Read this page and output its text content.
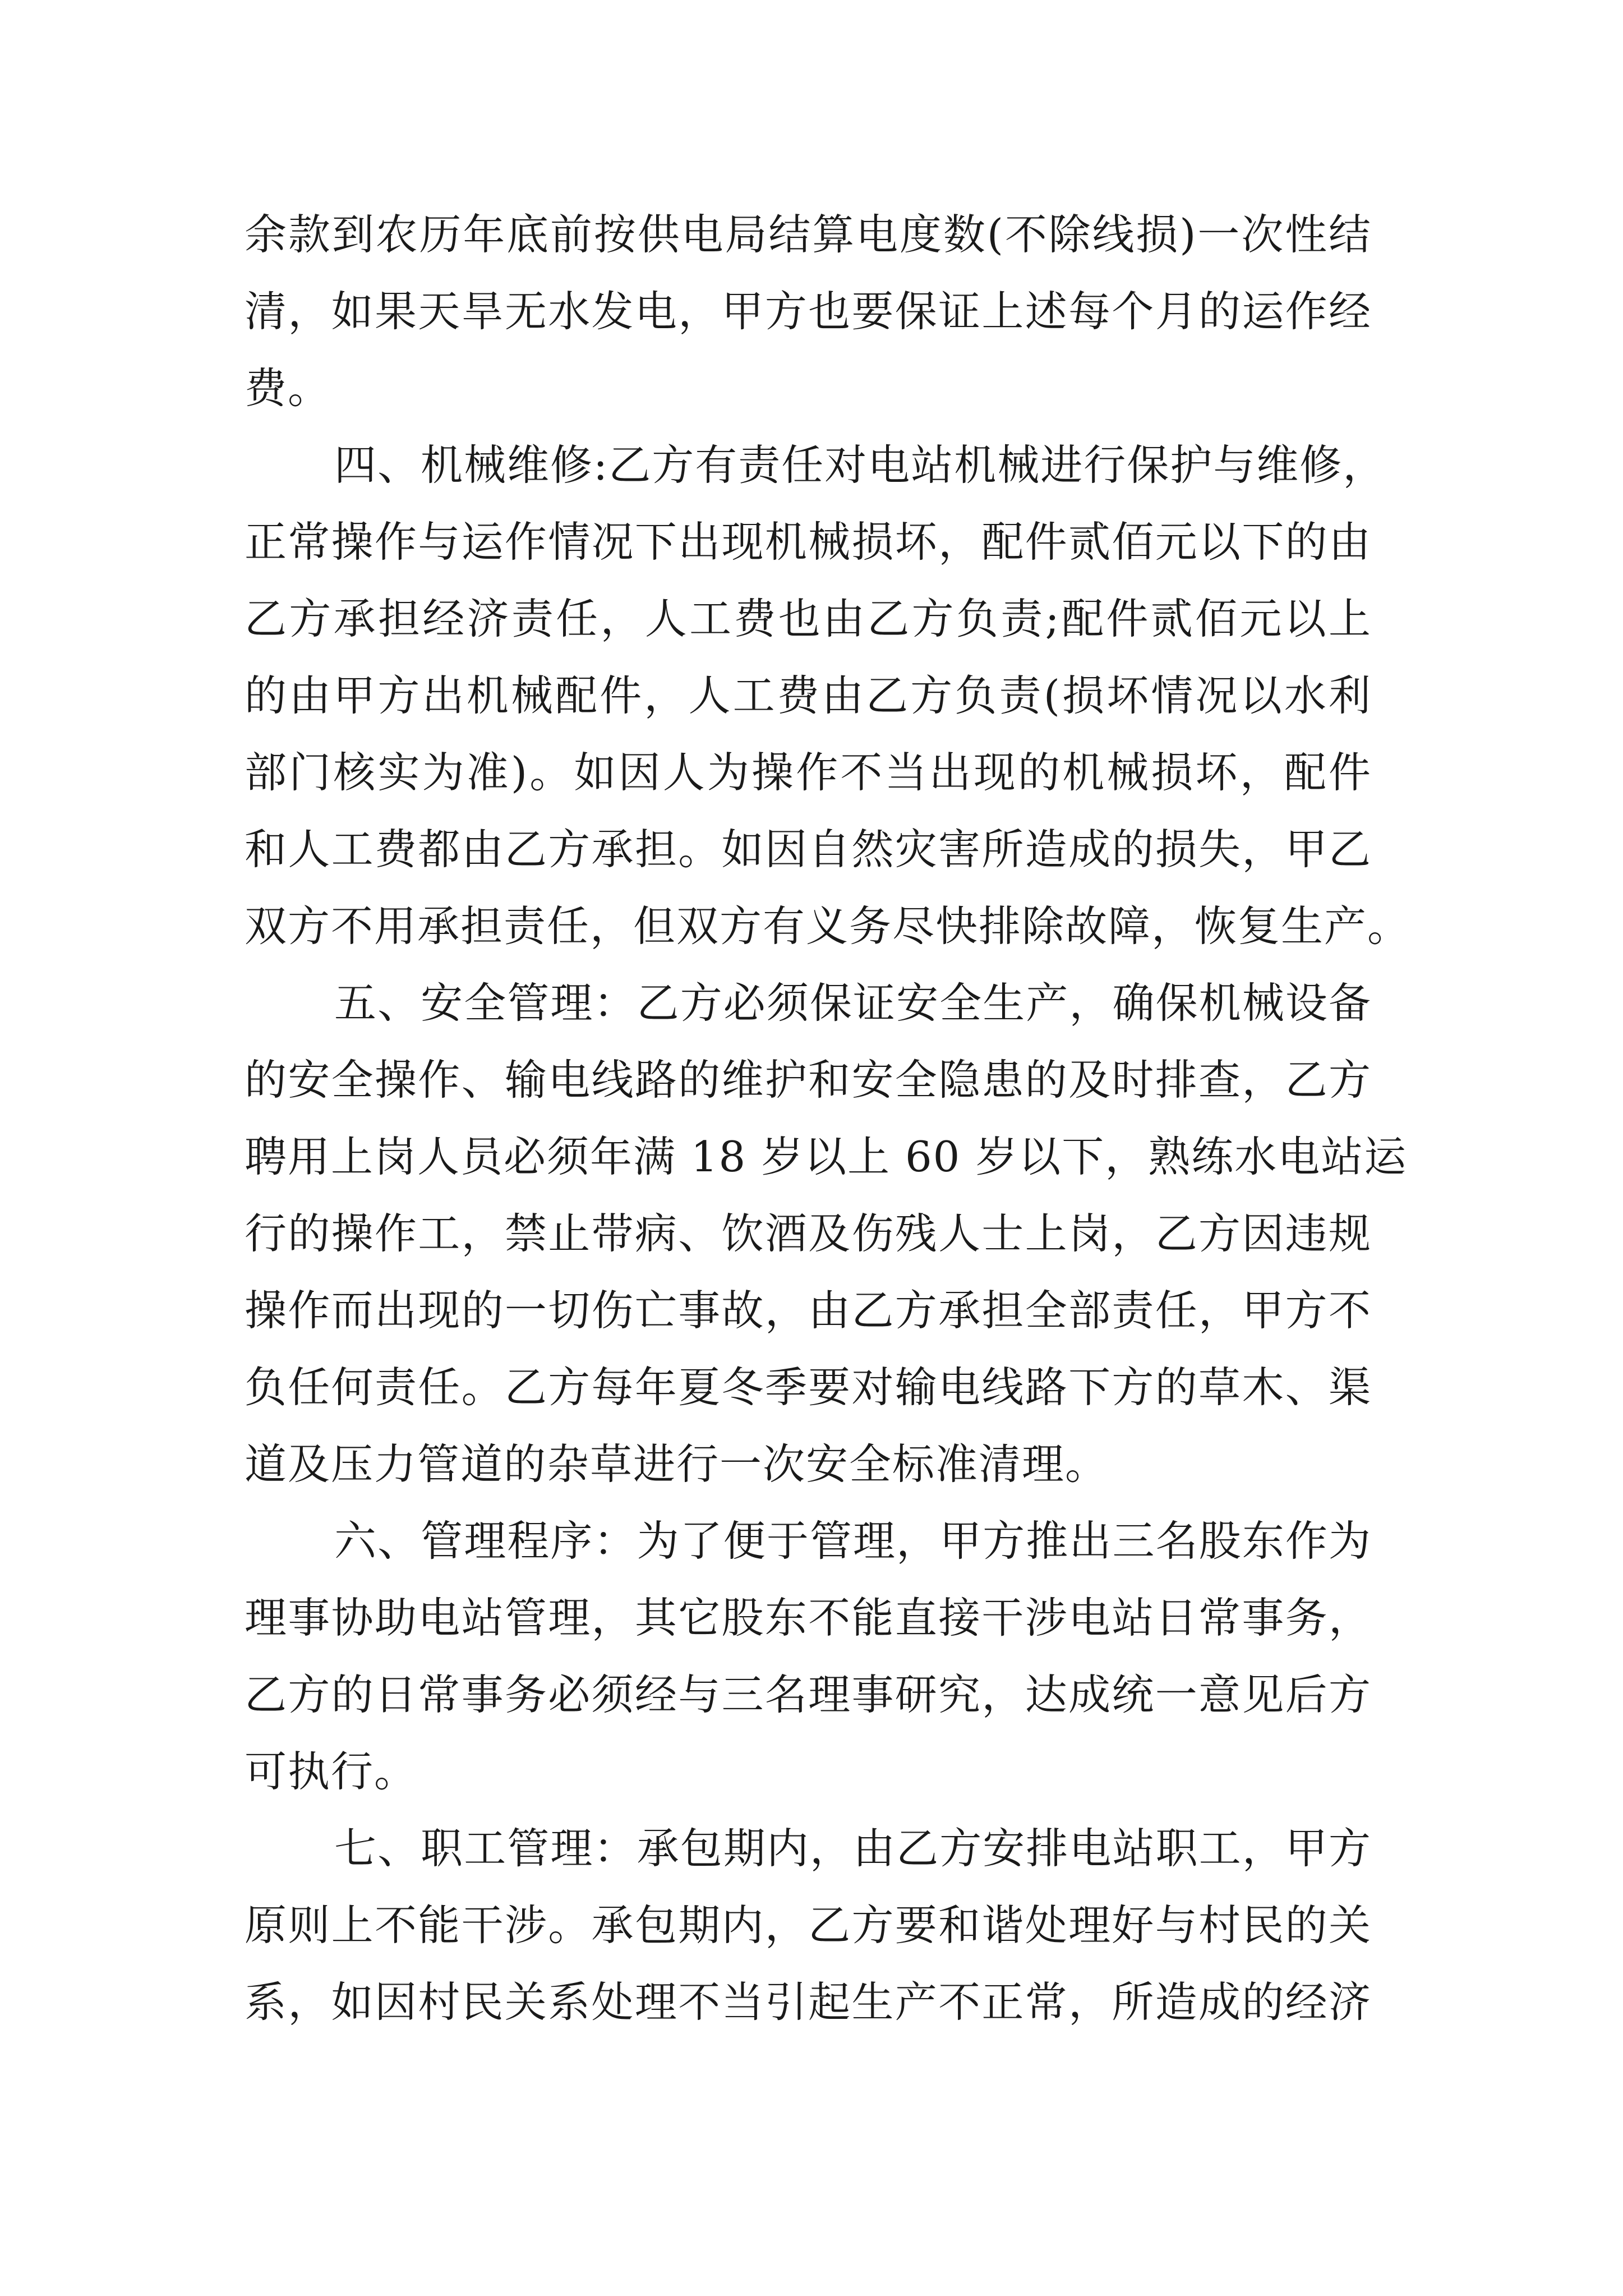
余款到农历年底前按供电局结算电度数(不除线损)一次性结
清，如果天旱无水发电，甲方也要保证上述每个月的运作经
费。
四、机械维修:乙方有责任对电站机械进行保护与维修，
正常操作与运作情况下出现机械损坏，配件贰佰元以下的由
乙方承担经济责任，人工费也由乙方负责;配件贰佰元以上
的由甲方出机械配件，人工费由乙方负责(损坏情况以水利
部门核实为准)。如因人为操作不当出现的机械损坏，配件
和人工费都由乙方承担。如因自然灾害所造成的损失，甲乙
双方不用承担责任，但双方有义务尽快排除故障，恢复生产。
五、安全管理：乙方必须保证安全生产，确保机械设备
的安全操作、输电线路的维护和安全隐患的及时排查，乙方
聘用上岗人员必须年满 18 岁以上 60 岁以下，熟练水电站运
行的操作工，禁止带病、饮酒及伤残人士上岗，乙方因违规
操作而出现的一切伤亡事故，由乙方承担全部责任，甲方不
负任何责任。乙方每年夏冬季要对输电线路下方的草木、渠
道及压力管道的杂草进行一次安全标准清理。
六、管理程序：为了便于管理，甲方推出三名股东作为
理事协助电站管理，其它股东不能直接干涉电站日常事务，
乙方的日常事务必须经与三名理事研究，达成统一意见后方
可执行。
七、职工管理：承包期内，由乙方安排电站职工，甲方
原则上不能干涉。承包期内，乙方要和谐处理好与村民的关
系，如因村民关系处理不当引起生产不正常，所造成的经济
